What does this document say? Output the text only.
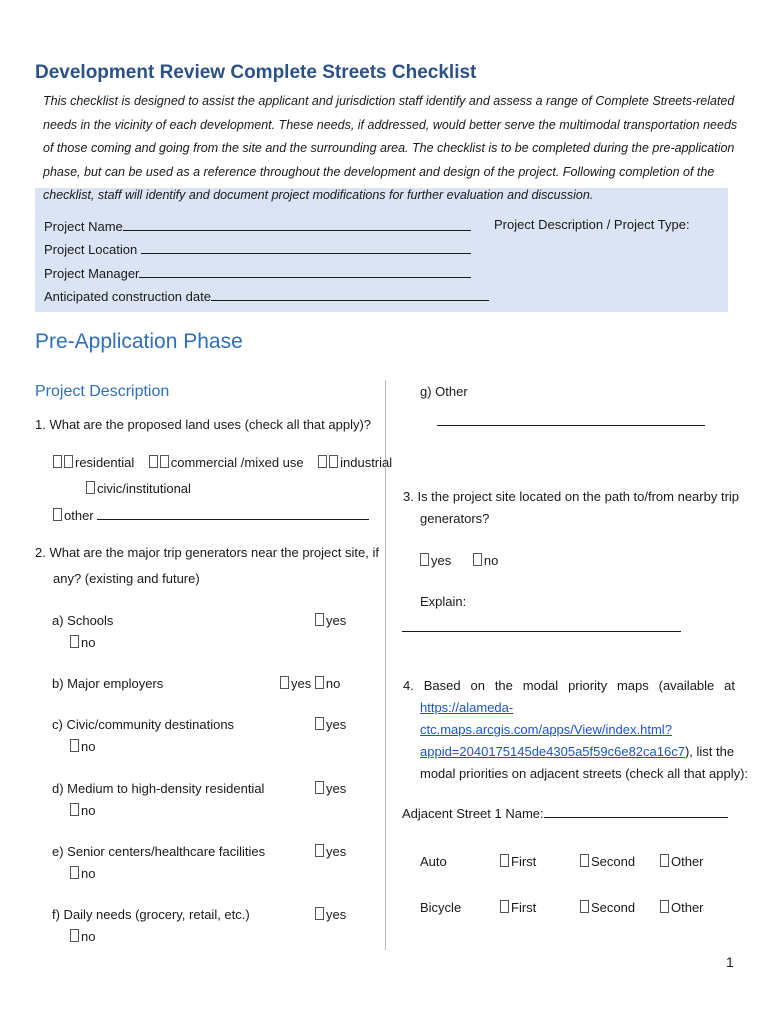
Development Review Complete Streets Checklist

This checklist is designed to assist the applicant and jurisdiction staff identify and assess a range of Complete Streets-related

needs in the vicinity of each development. These needs, if addressed, would better serve the multimodal transportation needs

of those coming and going from the site and the surrounding area. The checklist is to be completed during the pre-application

phase, but can be used as a reference throughout the development and design of the project. Following completion of the

checklist, staff will identify and document project modifications for further evaluation and discussion.

Project Name
Project Location
Project Manager
Anticipated construction date
Project Description / Project Type:
Pre-Application Phase
Project Description
1. What are the proposed land uses (check all that apply)?
residential	commercial /mixed use	industrial
civic/institutional
other
2. What are the major trip generators near the project site, if
any? (existing and future)
a) Schools
no
yes
b) Major employers	yes no
c) Civic/community destinations
no
yes
d) Medium to high-density residential
no
yes
e) Senior centers/healthcare facilities
no
yes
f) Daily needs (grocery, retail, etc.)
no
yes
g) Other
3. Is the project site located on the path to/from nearby trip
generators?
yes	no
Explain:
4. Based on the modal priority maps (available at
https://alameda-
ctc.maps.arcgis.com/apps/View/index.html?
appid=2040175145de4305a5f59c6e82ca16c7), list the
modal priorities on adjacent streets (check all that apply):
Adjacent Street 1 Name:
Auto	First	Second	Other
Bicycle	First	Second	Other
1
